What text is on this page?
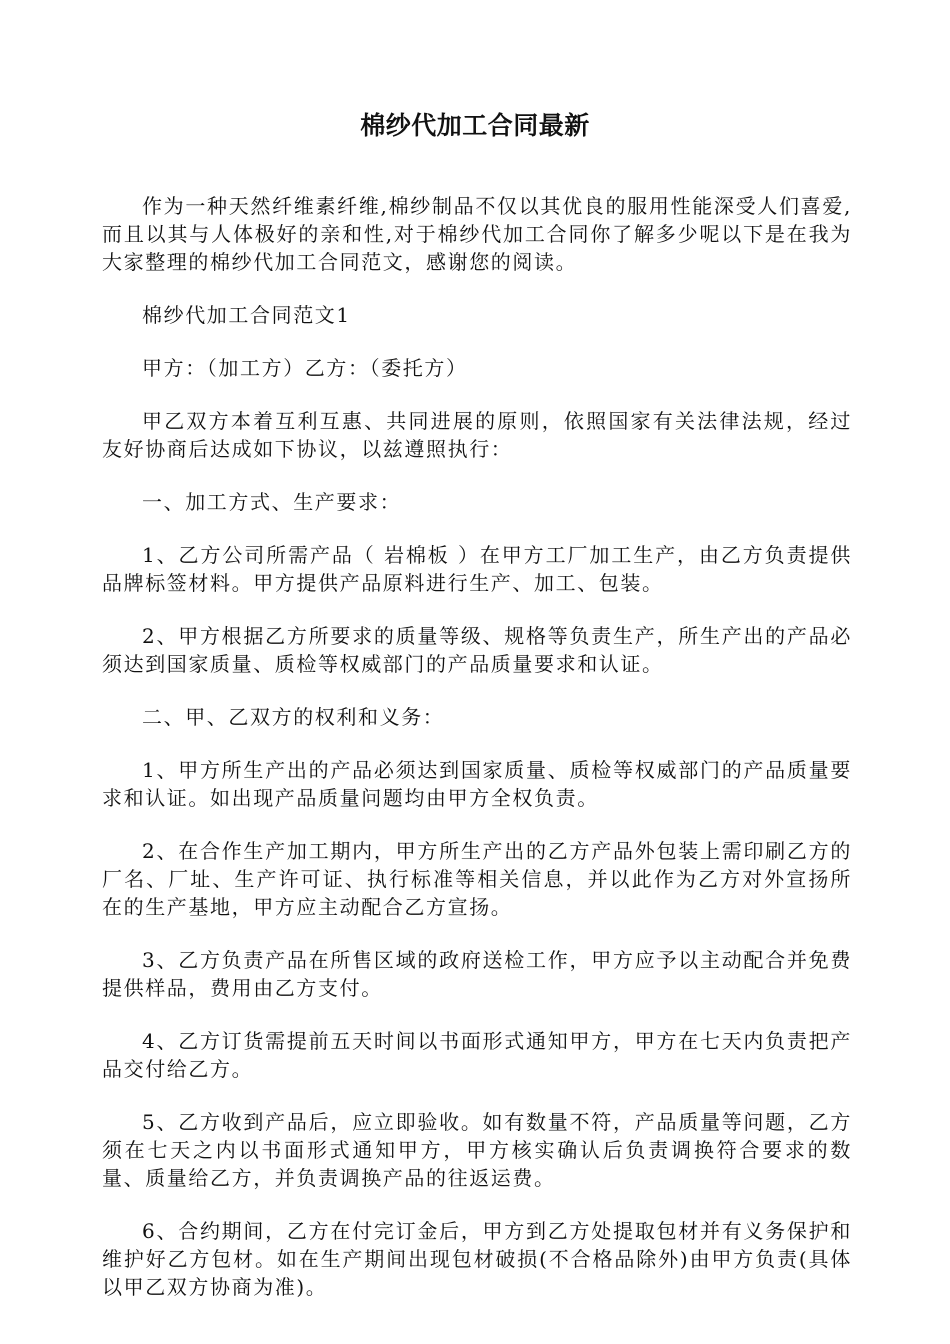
棉纱代加工合同最新

作为一种天然纤维素纤维,棉纱制品不仅以其优良的服用性能深受人们喜爱,而且以其与人体极好的亲和性,对于棉纱代加工合同你了解多少呢以下是在我为大家整理的棉纱代加工合同范文，感谢您的阅读。

棉纱代加工合同范文1

甲方：（加工方）乙方：（委托方）

甲乙双方本着互利互惠、共同进展的原则，依照国家有关法律法规，经过友好协商后达成如下协议，以兹遵照执行：

一、加工方式、生产要求：

1、乙方公司所需产品（ 岩棉板 ）在甲方工厂加工生产，由乙方负责提供品牌标签材料。甲方提供产品原料进行生产、加工、包装。

2、甲方根据乙方所要求的质量等级、规格等负责生产，所生产出的产品必须达到国家质量、质检等权威部门的产品质量要求和认证。

二、甲、乙双方的权利和义务：

1、甲方所生产出的产品必须达到国家质量、质检等权威部门的产品质量要求和认证。如出现产品质量问题均由甲方全权负责。

2、在合作生产加工期内，甲方所生产出的乙方产品外包装上需印刷乙方的厂名、厂址、生产许可证、执行标准等相关信息，并以此作为乙方对外宣扬所在的生产基地，甲方应主动配合乙方宣扬。

3、乙方负责产品在所售区域的政府送检工作，甲方应予以主动配合并免费提供样品，费用由乙方支付。

4、乙方订货需提前五天时间以书面形式通知甲方，甲方在七天内负责把产品交付给乙方。

5、乙方收到产品后，应立即验收。如有数量不符，产品质量等问题，乙方须在七天之内以书面形式通知甲方，甲方核实确认后负责调换符合要求的数量、质量给乙方，并负责调换产品的往返运费。

6、合约期间，乙方在付完订金后，甲方到乙方处提取包材并有义务保护和维护好乙方包材。如在生产期间出现包材破损(不合格品除外)由甲方负责(具体以甲乙双方协商为准)。
